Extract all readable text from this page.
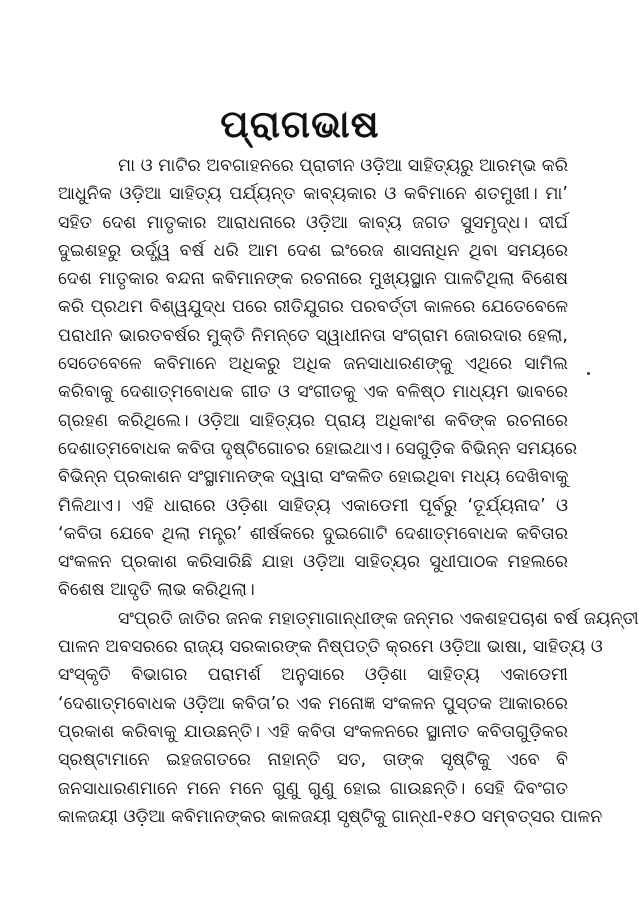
ପ୍ରାଗଭାଷ
ମା ଓ ମାଟିର ଅବଗାହନରେ ପ୍ରାଚୀନ ଓଡ଼ିଆ ସାହିତ୍ୟରୁ ଆରମ୍ଭ କରି
ଆଧୁନିକ ଓଡ଼ିଆ ସାହିତ୍ୟ ପର୍ଯ୍ୟନ୍ତ କାବ୍ୟକାର ଓ କବିମାନେ ଶତମୁଖୀ। ମା’
ସହିତ ଦେଶ ମାତୃକାର ଆରାଧନାରେ ଓଡ଼ିଆ କାବ୍ୟ ଜଗତ ସୁସମୃଦ୍ଧ। ଦୀର୍ଘ
ଦୁଇଶହରୁ ଉର୍ଦ୍ଧ୍ୱ ବର୍ଷ ଧରି ଆମ ଦେଶ ଇଂରେଜ ଶାସନାଧିନ ଥିବା ସମୟରେ
ଦେଶ ମାତୃକାର ବନ୍ଦନା କବିମାନଙ୍କ ରଚନାରେ ମୁଖ୍ୟସ୍ଥାନ ପାଳଟିଥିଲା ବିଶେଷ
କରି ପ୍ରଥମ ବିଶ୍ୱଯୁଦ୍ଧ ପରେ ରୀତିଯୁଗର ପରବର୍ତ୍ତୀ କାଳରେ ଯେତେବେଳେ
ପରାଧୀନ ଭାରତବର୍ଷର ମୁକ୍ତି ନିମନ୍ତେ ସ୍ୱାଧୀନତା ସଂଗ୍ରାମ ଜୋରଦାର ହେଲା,
ସେତେବେଳେ କବିମାନେ ଅଧିକରୁ ଅଧିକ ଜନସାଧାରଣଙ୍କୁ ଏଥିରେ ସାମିଲ
କରିବାକୁ ଦେଶାତ୍ମବୋଧକ ଗୀତ ଓ ସଂଗୀତକୁ ଏକ ବଳିଷ୍ଠ ମାଧ୍ୟମ ଭାବରେ
ଗ୍ରହଣ କରିଥିଲେ। ଓଡ଼ିଆ ସାହିତ୍ୟର ପ୍ରାୟ ଅଧିକାଂଶ କବିଙ୍କ ରଚନାରେ
ଦେଶାତ୍ମବୋଧକ କବିତା ଦୃଷ୍ଟିଗୋଚର ହୋଇଥାଏ। ସେଗୁଡ଼ିକ ବିଭିନ୍ନ ସମୟରେ
ବିଭିନ୍ନ ପ୍ରକାଶନ ସଂସ୍ଥାମାନଙ୍କ ଦ୍ୱାରା ସଂକଳିତ ହୋଇଥିବା ମଧ୍ୟ ଦେଖିବାକୁ
ମିଳିଥାଏ। ଏହି ଧାରାରେ ଓଡ଼ିଶା ସାହିତ୍ୟ ଏକାଡେମୀ ପୂର୍ବରୁ ‘ତୂର୍ଯ୍ୟନାଦ’ ଓ
‘କବିତା ଯେବେ ଥିଲା ମନ୍ତ୍ର’ ଶୀର୍ଷକରେ ଦୁଇଗୋଟି ଦେଶାତ୍ମବୋଧକ କବିତାର
ସଂକଳନ ପ୍ରକାଶ କରିସାରିଛି ଯାହା ଓଡ଼ିଆ ସାହିତ୍ୟର ସୁଧୀପାଠକ ମହଲରେ
ବିଶେଷ ଆଦୃତି ଲାଭ କରିଥିଲା।
ସଂପ୍ରତି ଜାତିର ଜନକ ମହାତ୍ମାଗାନ୍ଧୀଙ୍କ ଜନ୍ମର ଏକଶହପଚାଶ ବର୍ଷ ଜୟନ୍ତୀ
ପାଳନ ଅବସରରେ ରାଜ୍ୟ ସରକାରଙ୍କ ନିଷ୍ପତ୍ତି କ୍ରମେ ଓଡ଼ିଆ ଭାଷା, ସାହିତ୍ୟ ଓ
ସଂସ୍କୃତି ବିଭାଗର ପରାମର୍ଶ ଅନୁସାରେ ଓଡ଼ିଶା ସାହିତ୍ୟ ଏକାଡେମୀ
‘ଦେଶାତ୍ମବୋଧକ ଓଡ଼ିଆ କବିତା’ର ଏକ ମନୋଜ୍ଞ ସଂକଳନ ପୁସ୍ତକ ଆକାରରେ
ପ୍ରକାଶ କରିବାକୁ ଯାଉଛନ୍ତି। ଏହି କବିତା ସଂକଳନରେ ସ୍ଥାନୀତ କବିତାଗୁଡ଼ିକର
ସ୍ରଷ୍ଟାମାନେ ଇହଜଗତରେ ନାହାନ୍ତି ସତ, ତାଙ୍କ ସୃଷ୍ଟିକୁ ଏବେ ବି
ଜନସାଧାରଣମାନେ ମନେ ମନେ ଗୁଣୁ ଗୁଣୁ ହୋଇ ଗାଉଛନ୍ତି। ସେହି ଦିବଂଗତ
କାଳଜୟୀ ଓଡ଼ିଆ କବିମାନଙ୍କର କାଳଜୟୀ ସୃଷ୍ଟିକୁ ଗାନ୍ଧୀ-୧୫୦ ସମ୍ବତ୍ସର ପାଳନ
